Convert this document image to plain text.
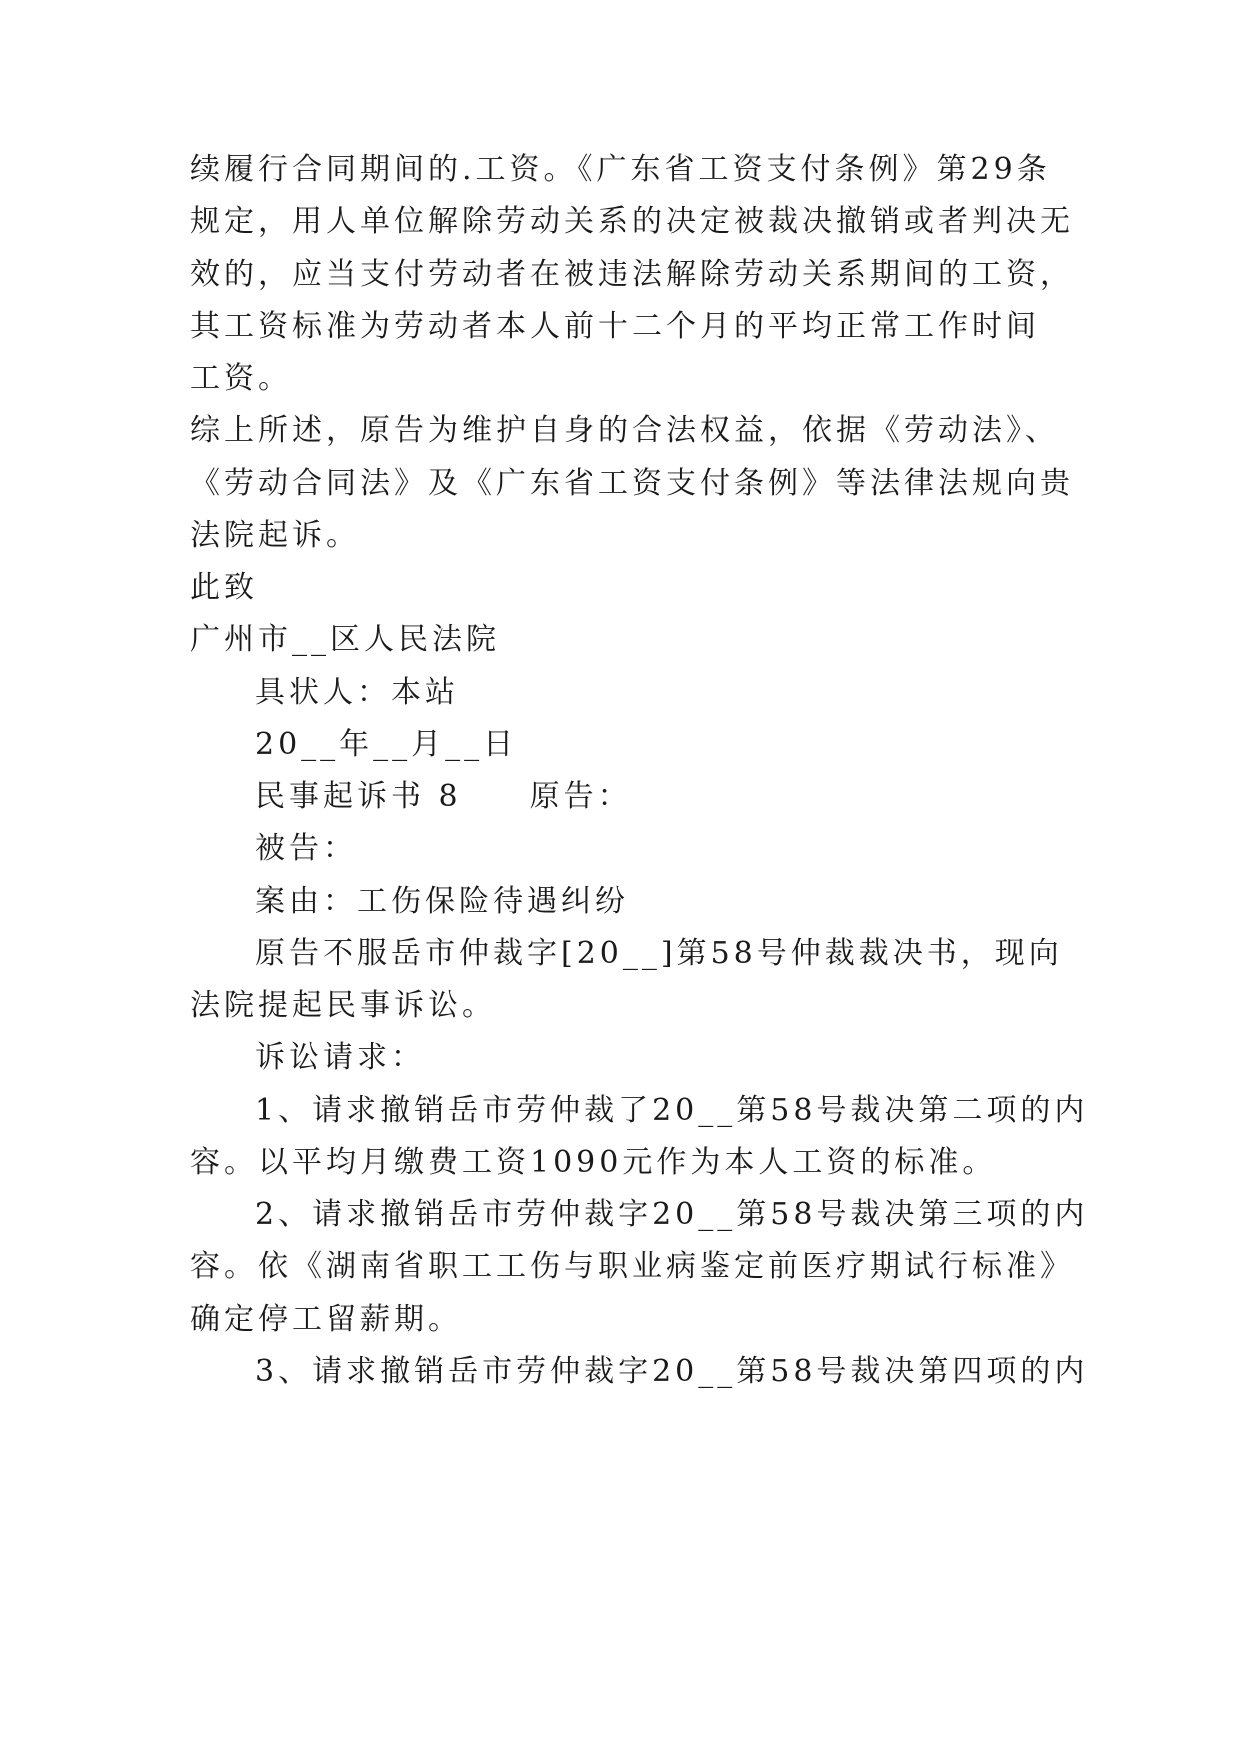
续履行合同期间的.工资。《广东省工资支付条例》第29条
规定，用人单位解除劳动关系的决定被裁决撤销或者判决无
效的，应当支付劳动者在被违法解除劳动关系期间的工资，
其工资标准为劳动者本人前十二个月的平均正常工作时间
工资。
综上所述，原告为维护自身的合法权益，依据《劳动法》、
《劳动合同法》及《广东省工资支付条例》等法律法规向贵
法院起诉。
此致
广州市__区人民法院
具状人：本站
20__年__月__日
民事起诉书 8　　原告：
被告：
案由：工伤保险待遇纠纷
原告不服岳市仲裁字[20__]第58号仲裁裁决书，现向
法院提起民事诉讼。
诉讼请求：
1、请求撤销岳市劳仲裁了20__第58号裁决第二项的内
容。以平均月缴费工资1090元作为本人工资的标准。
2、请求撤销岳市劳仲裁字20__第58号裁决第三项的内
容。依《湖南省职工工伤与职业病鉴定前医疗期试行标准》
确定停工留薪期。
3、请求撤销岳市劳仲裁字20__第58号裁决第四项的内
